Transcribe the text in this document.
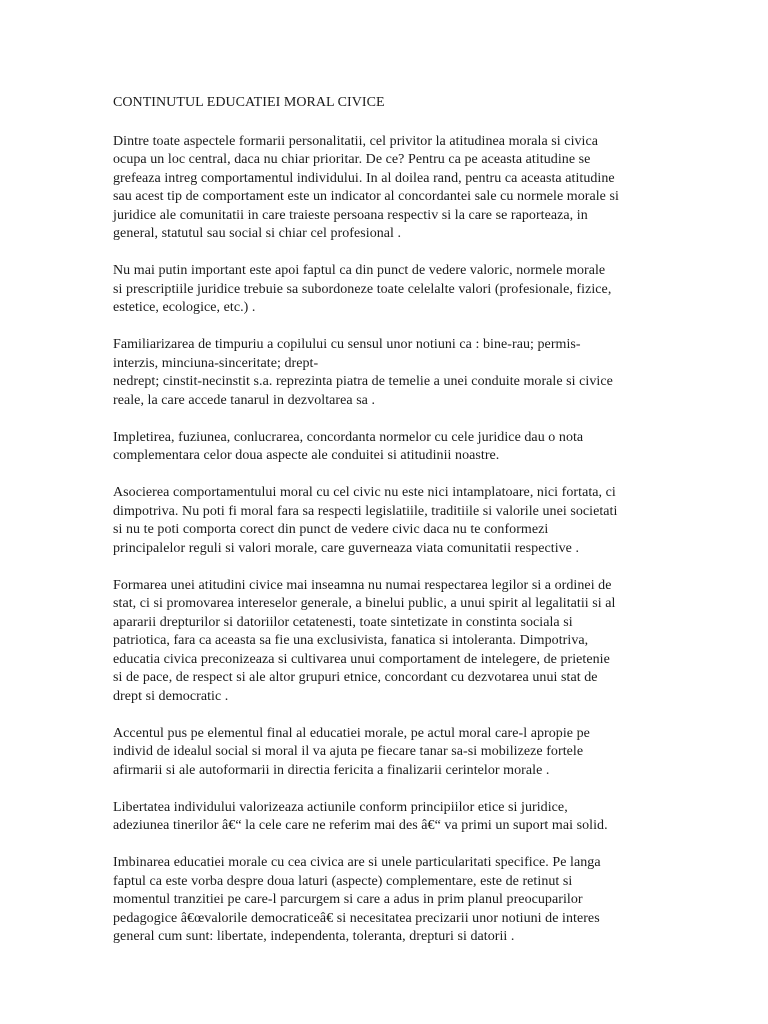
CONTINUTUL EDUCATIEI MORAL CIVICE
Dintre toate aspectele formarii personalitatii, cel privitor la atitudinea morala si civica
ocupa un loc central, daca nu chiar prioritar. De ce? Pentru ca pe aceasta atitudine se
grefeaza intreg comportamentul individului. In al doilea rand, pentru ca aceasta atitudine
sau acest tip de comportament este un indicator al concordantei sale cu normele morale si
juridice ale comunitatii in care traieste persoana respectiv si la care se raporteaza, in
general, statutul sau social si chiar cel profesional .
Nu mai putin important este apoi faptul ca din punct de vedere valoric, normele morale
si prescriptiile juridice trebuie sa subordoneze toate celelalte valori (profesionale, fizice,
estetice, ecologice, etc.) .
Familiarizarea de timpuriu a copilului cu sensul unor notiuni ca : bine-rau; permis-
interzis, minciuna-sinceritate; drept-
nedrept; cinstit-necinstit s.a. reprezinta piatra de temelie a unei conduite morale si civice
reale, la care accede tanarul in dezvoltarea sa .
Impletirea, fuziunea, conlucrarea, concordanta normelor cu cele juridice dau o nota
complementara celor doua aspecte ale conduitei si atitudinii noastre.
Asocierea comportamentului moral cu cel civic nu este nici intamplatoare, nici fortata, ci
dimpotriva. Nu poti fi moral fara sa respecti legislatiile, traditiile si valorile unei societati
si nu te poti comporta corect din punct de vedere civic daca nu te conformezi
principalelor reguli si valori morale, care guverneaza viata comunitatii respective .
Formarea unei atitudini civice mai inseamna nu numai respectarea legilor si a ordinei de
stat, ci si promovarea intereselor generale, a binelui public, a unui spirit al legalitatii si al
apararii drepturilor si datoriilor cetatenesti, toate sintetizate in constinta sociala si
patriotica, fara ca aceasta sa fie una exclusivista, fanatica si intoleranta. Dimpotriva,
educatia civica preconizeaza si cultivarea unui comportament de intelegere, de prietenie
si de pace, de respect si ale altor grupuri etnice, concordant cu dezvotarea unui stat de
drept si democratic .
Accentul pus pe elementul final al educatiei morale, pe actul moral care-l apropie pe
individ de idealul social si moral il va ajuta pe fiecare tanar sa-si mobilizeze fortele
afirmarii si ale autoformarii in directia fericita a finalizarii cerintelor morale .
Libertatea individului valorizeaza actiunile conform principiilor etice si juridice,
adeziunea tinerilor â€“ la cele care ne referim mai des â€“ va primi un suport mai solid.
Imbinarea educatiei morale cu cea civica are si unele particularitati specifice. Pe langa
faptul ca este vorba despre doua laturi (aspecte) complementare, este de retinut si
momentul tranzitiei pe care-l parcurgem si care a adus in prim planul preocuparilor
pedagogice â€œvalorile democraticeâ€ si necesitatea precizarii unor notiuni de interes
general cum sunt: libertate, independenta, toleranta, drepturi si datorii .
